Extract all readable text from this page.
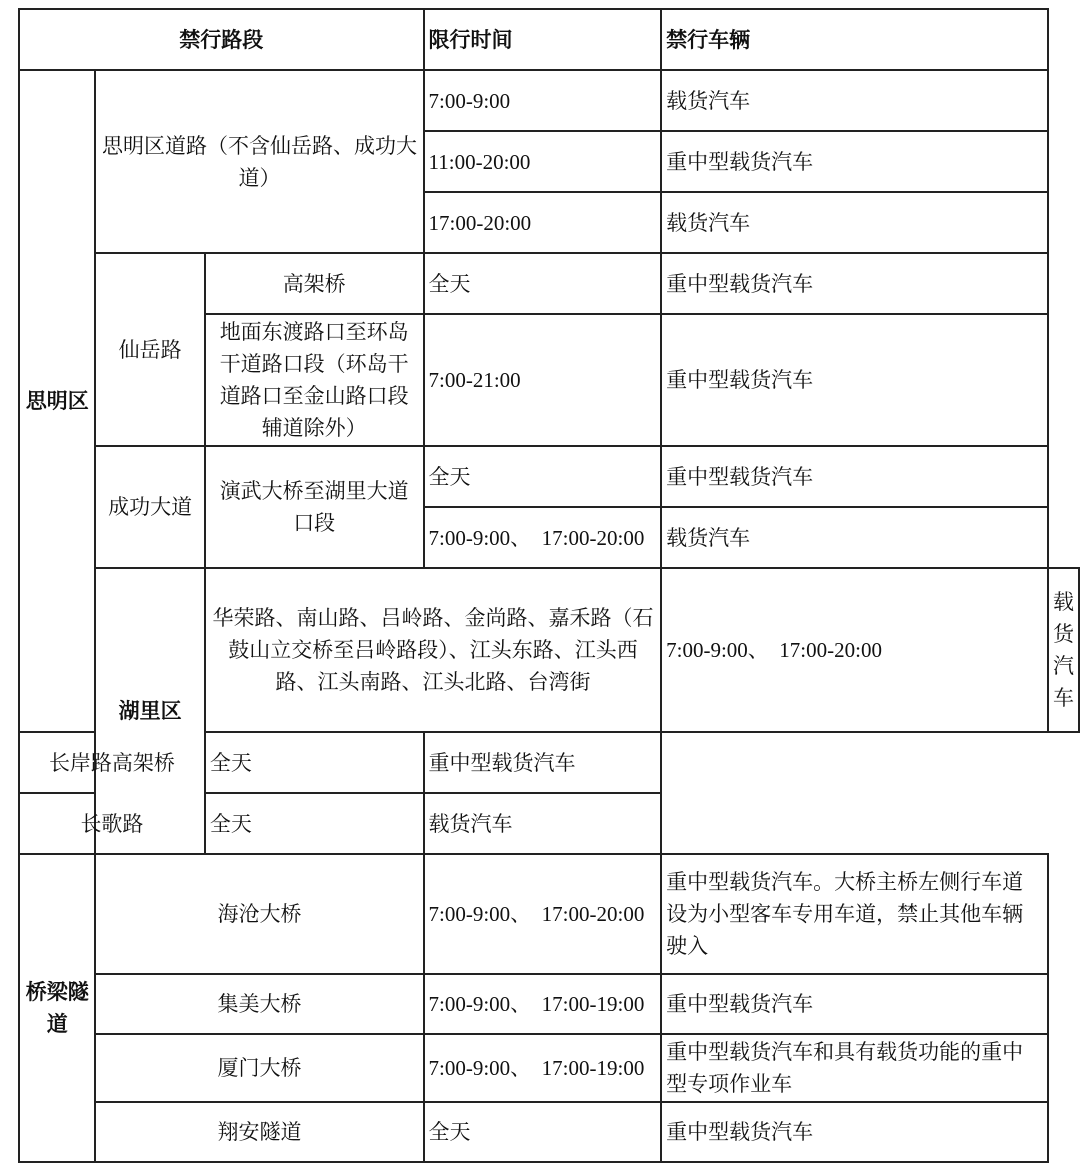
禁行路段			限行时间	禁行车辆	
思明区	思明区道路（不含仙岳路、成功大道）		7:00-9:00	载货汽车	
			11:00-20:00	重中型载货汽车	
			17:00-20:00	载货汽车	
	仙岳路	高架桥	全天	重中型载货汽车	
		地面东渡路口至环岛干道路口段（环岛干道路口至金山路口段辅道除外）	7:00-21:00	重中型载货汽车	
	成功大道	演武大桥至湖里大道口段	全天	重中型载货汽车	
			7:00-9:00、　17:00-20:00	载货汽车	
	湖里区	华荣路、南山路、吕岭路、金尚路、嘉禾路（石鼓山立交桥至吕岭路段）、江头东路、江头西路、江头南路、江头北路、台湾街		7:00-9:00、　17:00-20:00	载货汽车
长岸路高架桥		全天	重中型载货汽车		
长歌路		全天	载货汽车		
桥梁隧道	海沧大桥		7:00-9:00、　17:00-20:00	重中型载货汽车。大桥主桥左侧行车道设为小型客车专用车道，禁止其他车辆驶入	
	集美大桥		7:00-9:00、　17:00-19:00	重中型载货汽车	
	厦门大桥		7:00-9:00、　17:00-19:00	重中型载货汽车和具有载货功能的重中型专项作业车	
	翔安隧道		全天	重中型载货汽车	
